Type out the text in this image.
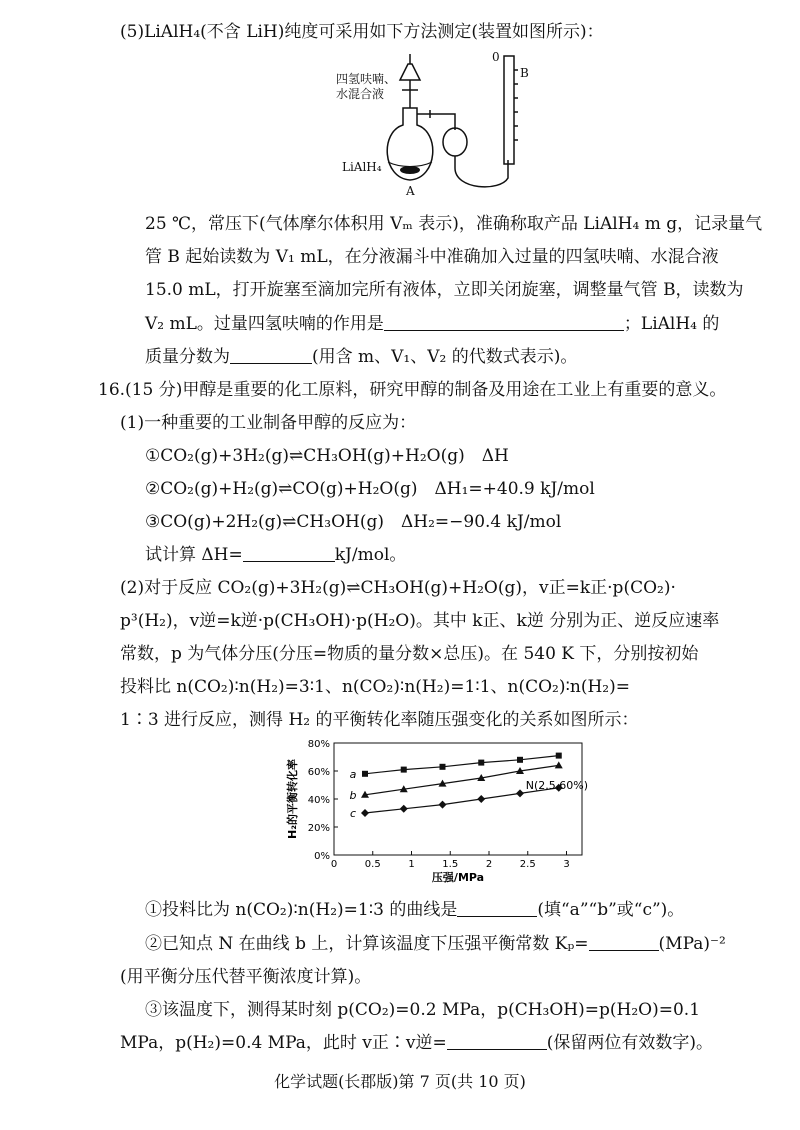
(5)LiAlH₄(不含 LiH)纯度可采用如下方法测定(装置如图所示)：
四氢呋喃、
水混合液
LiAlH₄
A
0
B
25 ℃，常压下(气体摩尔体积用 Vₘ 表示)，准确称取产品 LiAlH₄ m g，记录量气
管 B 起始读数为 V₁ mL，在分液漏斗中准确加入过量的四氢呋喃、水混合液
15.0 mL，打开旋塞至滴加完所有液体，立即关闭旋塞，调整量气管 B，读数为
V₂ mL。过量四氢呋喃的作用是	；LiAlH₄ 的
质量分数为	(用含 m、V₁、V₂ 的代数式表示)。
16.(15 分)甲醇是重要的化工原料，研究甲醇的制备及用途在工业上有重要的意义。
(1)一种重要的工业制备甲醇的反应为：
①CO₂(g)+3H₂(g)⇌CH₃OH(g)+H₂O(g)　ΔH
②CO₂(g)+H₂(g)⇌CO(g)+H₂O(g)　ΔH₁=+40.9 kJ/mol
③CO(g)+2H₂(g)⇌CH₃OH(g)　ΔH₂=−90.4 kJ/mol
试计算 ΔH=	kJ/mol。
(2)对于反应 CO₂(g)+3H₂(g)⇌CH₃OH(g)+H₂O(g)，v正=k正·p(CO₂)·
p³(H₂)，v逆=k逆·p(CH₃OH)·p(H₂O)。其中 k正、k逆 分别为正、逆反应速率
常数，p 为气体分压(分压=物质的量分数×总压)。在 540 K 下，分别按初始
投料比 n(CO₂)∶n(H₂)=3∶1、n(CO₂)∶n(H₂)=1∶1、n(CO₂)∶n(H₂)=
1∶3 进行反应，测得 H₂ 的平衡转化率随压强变化的关系如图所示：
0%
20%
40%
60%
80%
0	0.5	1	1.5	2	2.5	3
压强/MPa
H₂的平衡转化率	a
b
c
N(2.5,60%)
①投料比为 n(CO₂)∶n(H₂)=1∶3 的曲线是	(填“a”“b”或“c”)。
②已知点 N 在曲线 b 上，计算该温度下压强平衡常数 Kₚ=	(MPa)⁻²
(用平衡分压代替平衡浓度计算)。
③该温度下，测得某时刻 p(CO₂)=0.2 MPa，p(CH₃OH)=p(H₂O)=0.1
MPa，p(H₂)=0.4 MPa，此时 v正∶v逆=	(保留两位有效数字)。
化学试题(长郡版)第 7 页(共 10 页)
